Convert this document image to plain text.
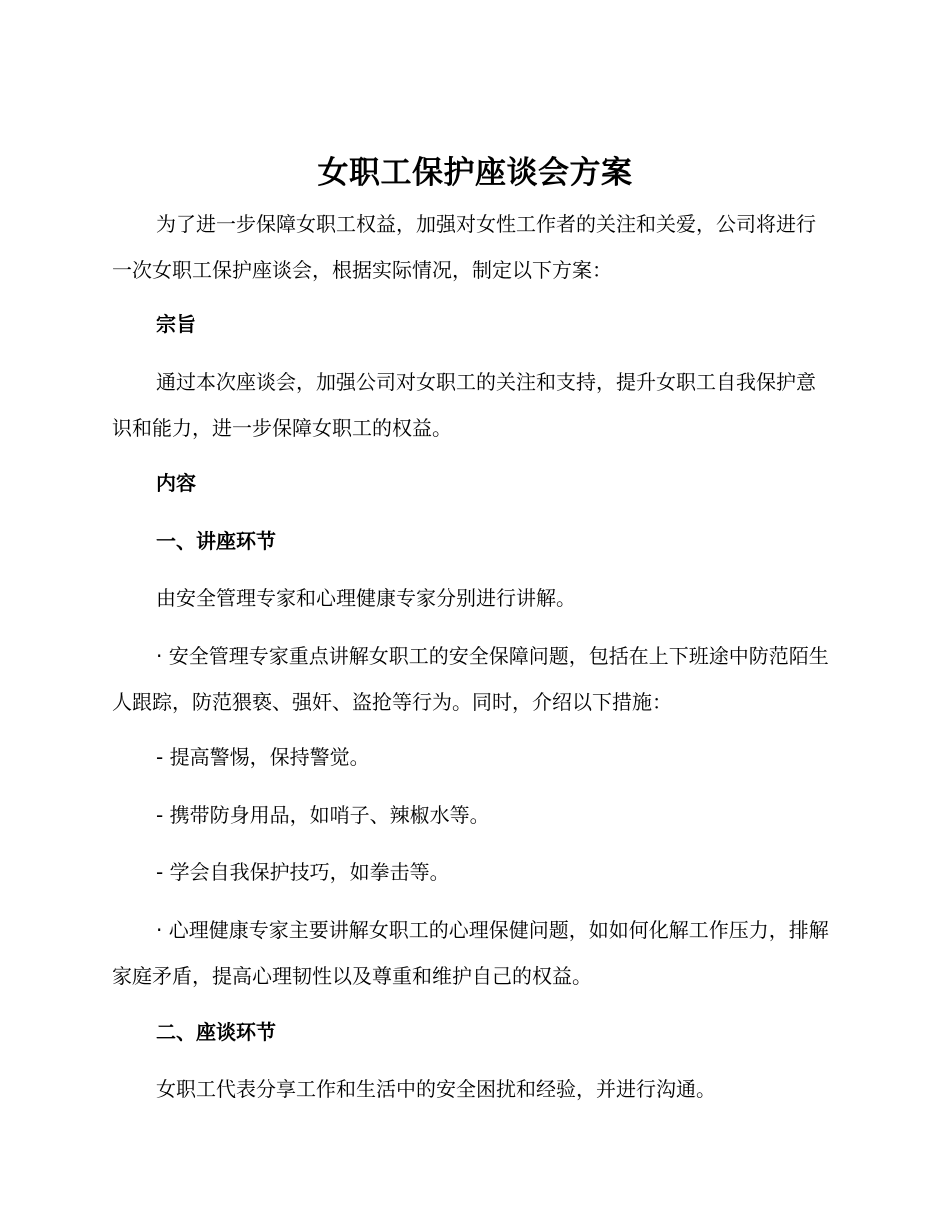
女职工保护座谈会方案

为了进一步保障女职工权益，加强对女性工作者的关注和关爱，公司将进行一次女职工保护座谈会，根据实际情况，制定以下方案：

宗旨

通过本次座谈会，加强公司对女职工的关注和支持，提升女职工自我保护意识和能力，进一步保障女职工的权益。

内容

一、讲座环节

由安全管理专家和心理健康专家分别进行讲解。

· 安全管理专家重点讲解女职工的安全保障问题，包括在上下班途中防范陌生人跟踪，防范猥亵、强奸、盗抢等行为。同时，介绍以下措施：

- 提高警惕，保持警觉。

- 携带防身用品，如哨子、辣椒水等。

- 学会自我保护技巧，如拳击等。

· 心理健康专家主要讲解女职工的心理保健问题，如如何化解工作压力，排解家庭矛盾，提高心理韧性以及尊重和维护自己的权益。

二、座谈环节

女职工代表分享工作和生活中的安全困扰和经验，并进行沟通。
